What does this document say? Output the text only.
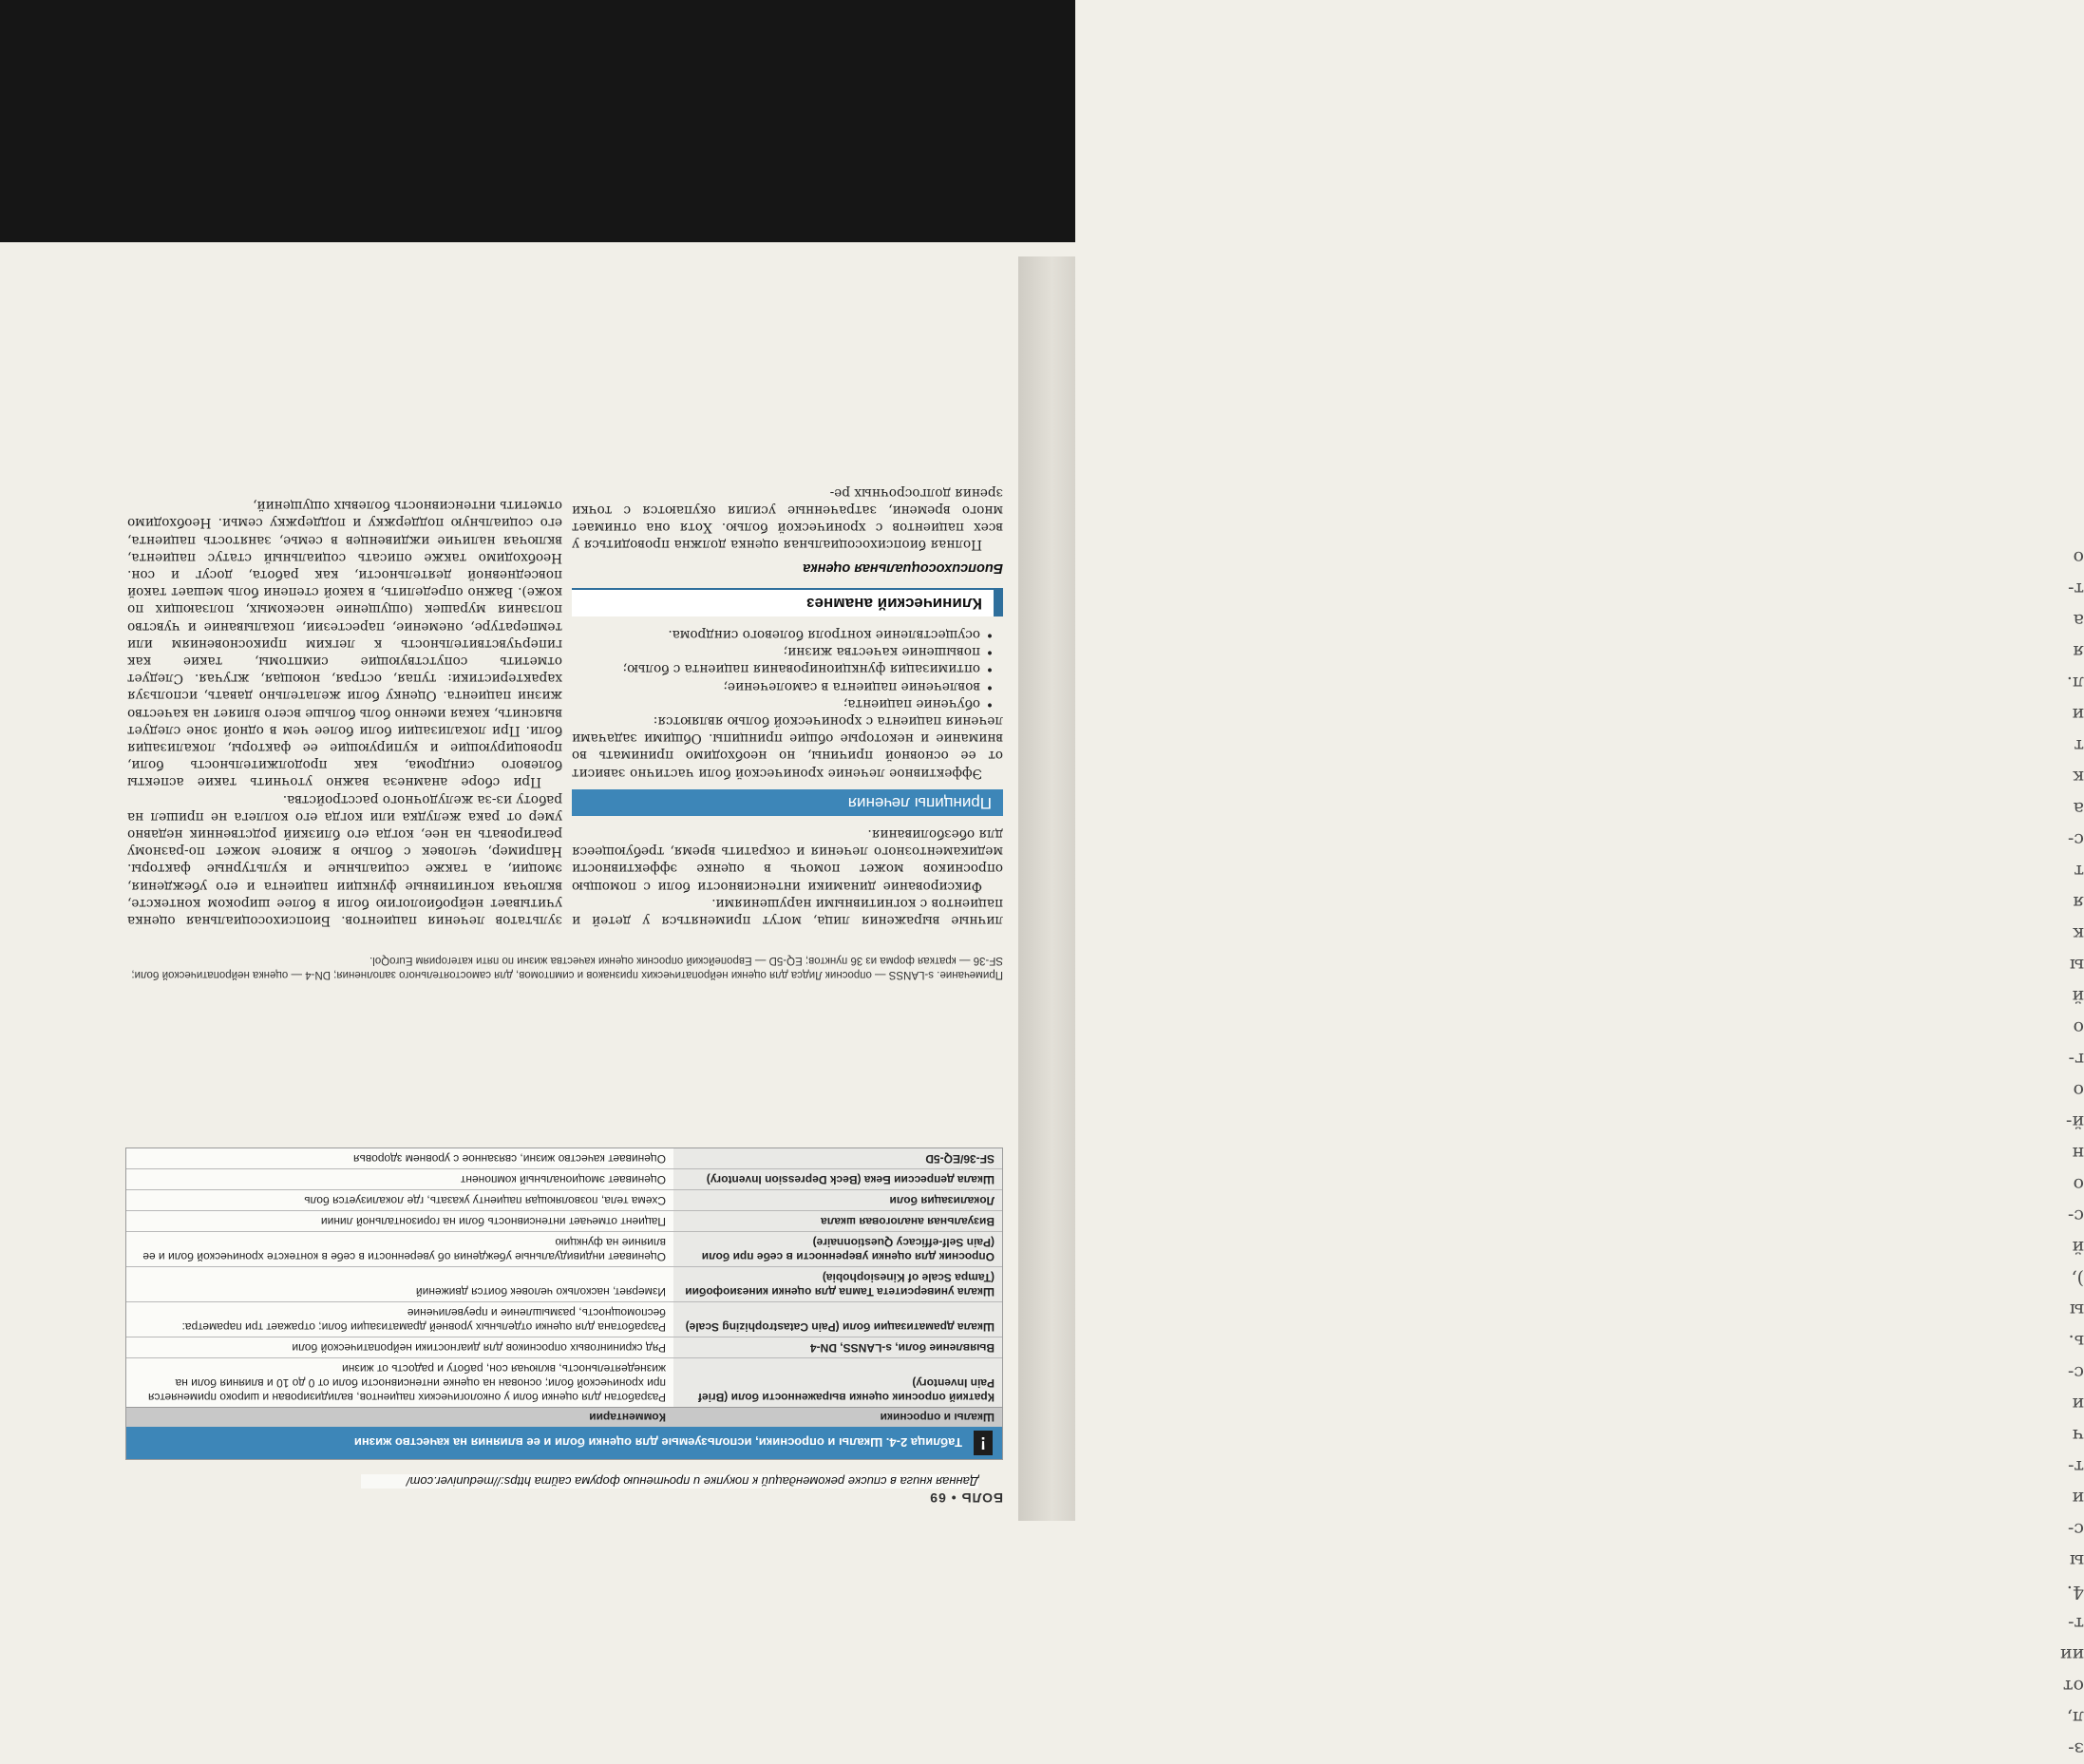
з-
л,
от
ии
т-
4.
ы
с-
и
т-
ч
и
с-
ь.
ы
),
й
с-
о
н
й-
о
г-
о
й
ы
к
я
т
с-
а
к
т
и
л.
я
а
т-
о
БОЛЬ • 69
Данная книга в списке рекомендаций к покупке и прочтению форума сайта https://meduniver.com/
!
Таблица 2-4. Шкалы и опросники, используемые для оценки боли и ее влияния на качество жизни
Шкалы и опросники	Комментарии
Краткий опросник оценки выраженности боли (Brief Pain Inventory)	Разработан для оценки боли у онкологических пациентов, валидизирован и широко применяется при хронической боли; основан на оценке интенсивности боли от 0 до 10 и влияния боли на жизнедеятельность, включая сон, работу и радость от жизни
Выявление боли, s-LANSS, DN-4	Ряд скрининговых опросников для диагностики нейропатической боли
Шкала драматизации боли (Pain Catastrophizing Scale)	Разработана для оценки отдельных уровней драматизации боли; отражает три параметра: беспомощность, размышление и преувеличение
Шкала университета Тампа для оценки кинезиофобии (Tampa Scale of Kinesiophobia)	Измеряет, насколько человек боится движений
Опросник для оценки уверенности в себе при боли (Pain Self-efficacy Questionnaire)	Оценивает индивидуальные убеждения об уверенности в себе в контексте хронической боли и ее влияние на функцию
Визуальная аналоговая шкала	Пациент отмечает интенсивность боли на горизонтальной линии
Локализация боли	Схема тела, позволяющая пациенту указать, где локализуется боль
Шкала депрессии Бека (Beck Depression Inventory)	Оценивает эмоциональный компонент
SF-36/EQ-5D	Оценивает качество жизни, связанное с уровнем здоровья
Примечание. s-LANSS — опросник Лидса для оценки нейропатических признаков и симптомов, для самостоятельного заполнения; DN-4 — оценка нейропатической боли; SF-36 — краткая форма из 36 пунктов; EQ-5D — Европейский опросник оценки качества жизни по пяти категориям EuroQol.

личные выражения лица, могут применяться у детей и пациентов с когнитивными нарушениями.

Фиксирование динамики интенсивности боли с помощью опросников может помочь в оценке эффективности медикаментозного лечения и сократить время, требующееся для обезболивания.

Принципы лечения

Эффективное лечение хронической боли частично зависит от ее основной причины, но необходимо принимать во внимание и некоторые общие принципы. Общими задачами лечения пациента с хронической болью являются:

• обучение пациента;
• вовлечение пациента в самолечение;
• оптимизация функционирования пациента с болью;
• повышение качества жизни;
• осуществление контроля болевого синдрома.
Клинический анамнез
Биопсихосоциальная оценка

Полная биопсихосоциальная оценка должна проводиться у всех пациентов с хронической болью. Хотя она отнимает много времени, затраченные усилия окупаются с точки зрения долгосрочных ре-

зультатов лечения пациентов. Биопсихосоциальная оценка учитывает нейробиологию боли в более широком контексте, включая когнитивные функции пациента и его убеждения, эмоции, а также социальные и культурные факторы. Например, человек с болью в животе может по-разному реагировать на нее, когда его близкий родственник недавно умер от рака желудка или когда его коллега не пришел на работу из-за желудочного расстройства.

При сборе анамнеза важно уточнить такие аспекты болевого синдрома, как продолжительность боли, провоцирующие и купирующие ее факторы, локализация боли. При локализации боли более чем в одной зоне следует выяснить, какая именно боль больше всего влияет на качество жизни пациента. Оценку боли желательно давать, используя характеристики: тупая, острая, ноющая, жгучая. Следует отметить сопутствующие симптомы, такие как гиперчувствительность к легким прикосновениям или температуре, онемение, парестезии, покалывание и чувство ползания мурашек (ощущение насекомых, ползающих по коже). Важно определить, в какой степени боль мешает такой повседневной деятельности, как работа, досуг и сон. Необходимо также описать социальный статус пациента, включая наличие иждивенцев в семье, занятость пациента, его социальную поддержку и поддержку семьи. Необходимо отметить интенсивность болевых ощущений,
